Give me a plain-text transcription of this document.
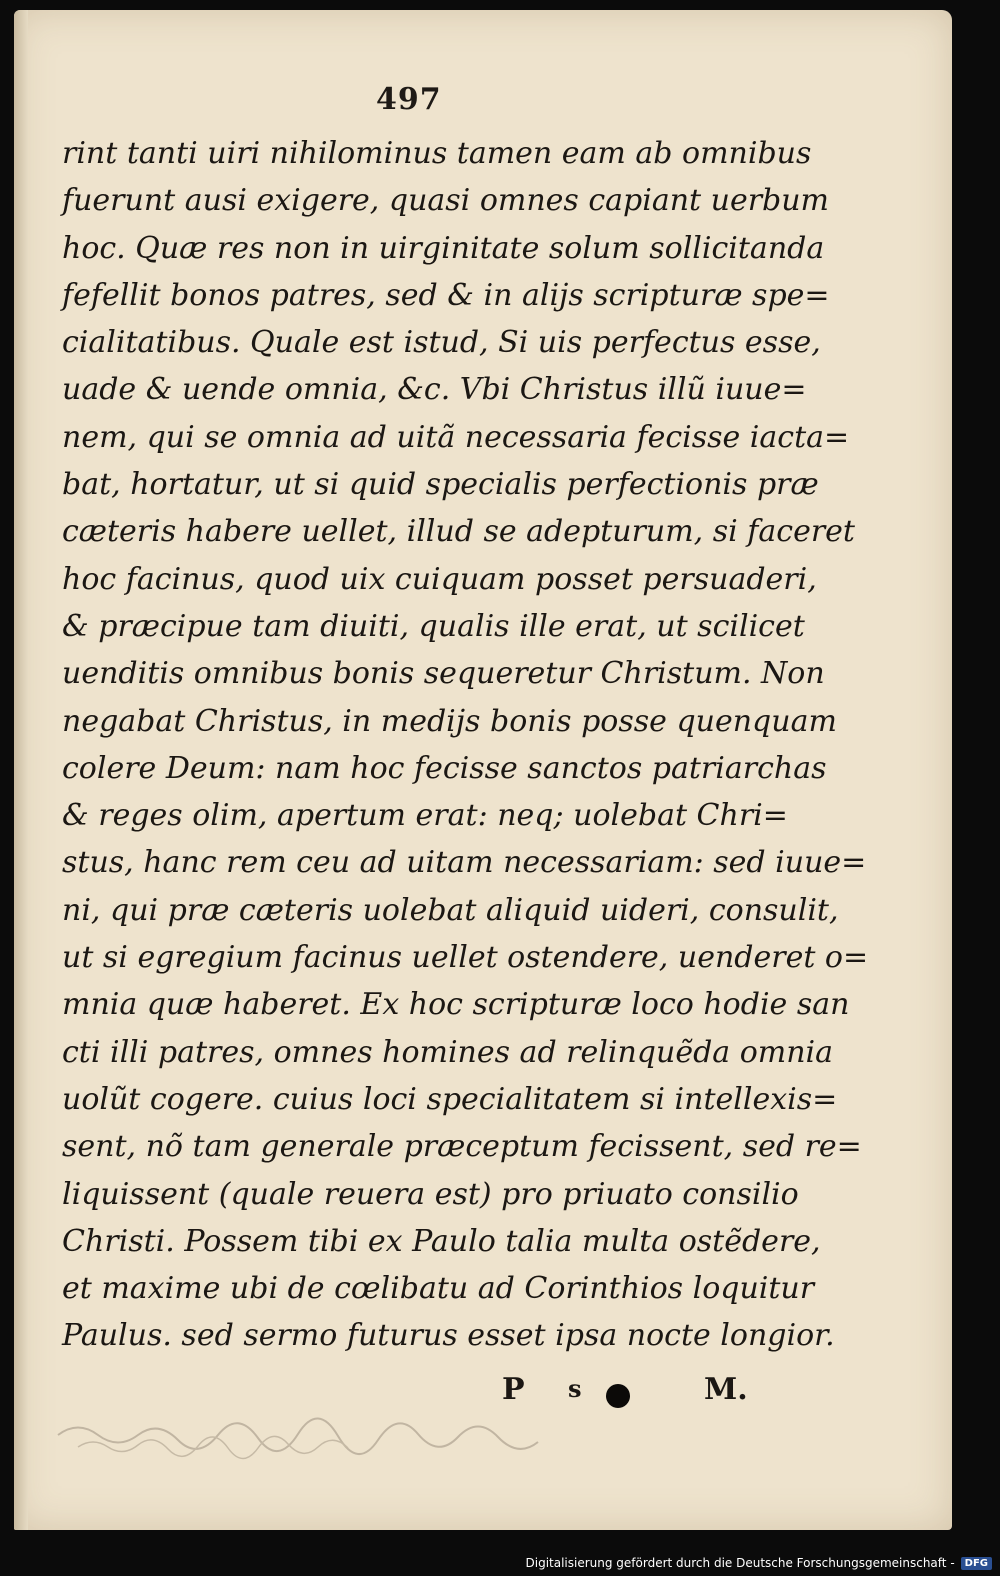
497
rint tanti uiri nihilominus tamen eam ab omnibus
fuerunt ausi exigere, quasi omnes capiant uerbum
hoc. Quæ res non in uirginitate solum sollicitanda
fefellit bonos patres, sed & in alijs scripturæ spe=
cialitatibus. Quale est istud, Si uis perfectus esse,
uade & uende omnia, &c. Vbi Christus illũ iuue=
nem, qui se omnia ad uitã necessaria fecisse iacta=
bat, hortatur, ut si quid specialis perfectionis præ
cæteris habere uellet, illud se adepturum, si faceret
hoc facinus, quod uix cuiquam posset persuaderi,
& præcipue tam diuiti, qualis ille erat, ut scilicet
uenditis omnibus bonis sequeretur Christum. Non
negabat Christus, in medijs bonis posse quenquam
colere Deum: nam hoc fecisse sanctos patriarchas
& reges olim, apertum erat: neq; uolebat Chri=
stus, hanc rem ceu ad uitam necessariam: sed iuue=
ni, qui præ cæteris uolebat aliquid uideri, consulit,
ut si egregium facinus uellet ostendere, uenderet o=
mnia quæ haberet. Ex hoc scripturæ loco hodie san
cti illi patres, omnes homines ad relinquẽda omnia
uolũt cogere. cuius loci specialitatem si intellexis=
sent, nõ tam generale præceptum fecissent, sed re=
liquissent (quale reuera est) pro priuato consilio
Christi. Possem tibi ex Paulo talia multa ostẽdere,
et maxime ubi de cœlibatu ad Corinthios loquitur
Paulus. sed sermo futurus esset ipsa nocte longior.
P s	M.
Digitalisierung gefördert durch die Deutsche Forschungsgemeinschaft -	DFG
